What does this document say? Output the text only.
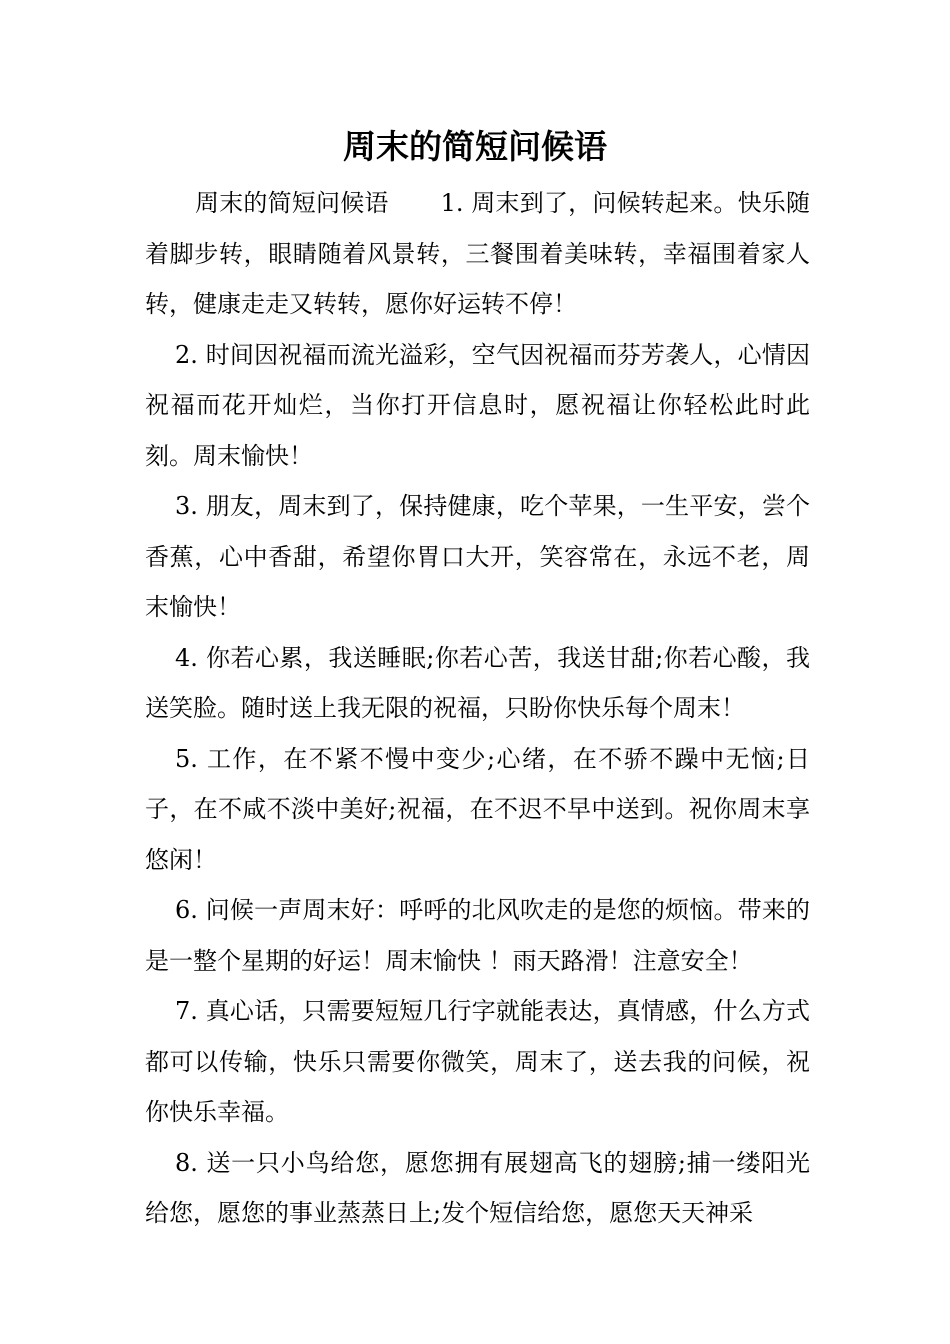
周末的简短问候语

周末的简短问候语 1. 周末到了，问候转起来。快乐随着脚步转，眼睛随着风景转，三餐围着美味转，幸福围着家人转，健康走走又转转，愿你好运转不停！

2. 时间因祝福而流光溢彩，空气因祝福而芬芳袭人，心情因祝福而花开灿烂，当你打开信息时，愿祝福让你轻松此时此刻。周末愉快！

3. 朋友，周末到了，保持健康，吃个苹果，一生平安，尝个香蕉，心中香甜，希望你胃口大开，笑容常在，永远不老，周末愉快！

4. 你若心累，我送睡眠;你若心苦，我送甘甜;你若心酸，我送笑脸。随时送上我无限的祝福，只盼你快乐每个周末！

5. 工作，在不紧不慢中变少;心绪，在不骄不躁中无恼;日子，在不咸不淡中美好;祝福，在不迟不早中送到。祝你周末享悠闲！

6. 问候一声周末好：呼呼的北风吹走的是您的烦恼。带来的是一整个星期的好运！周末愉快 ！雨天路滑！注意安全！

7. 真心话，只需要短短几行字就能表达，真情感，什么方式都可以传输，快乐只需要你微笑，周末了，送去我的问候，祝你快乐幸福。

8. 送一只小鸟给您，愿您拥有展翅高飞的翅膀;捕一缕阳光给您，愿您的事业蒸蒸日上;发个短信给您，愿您天天神采
